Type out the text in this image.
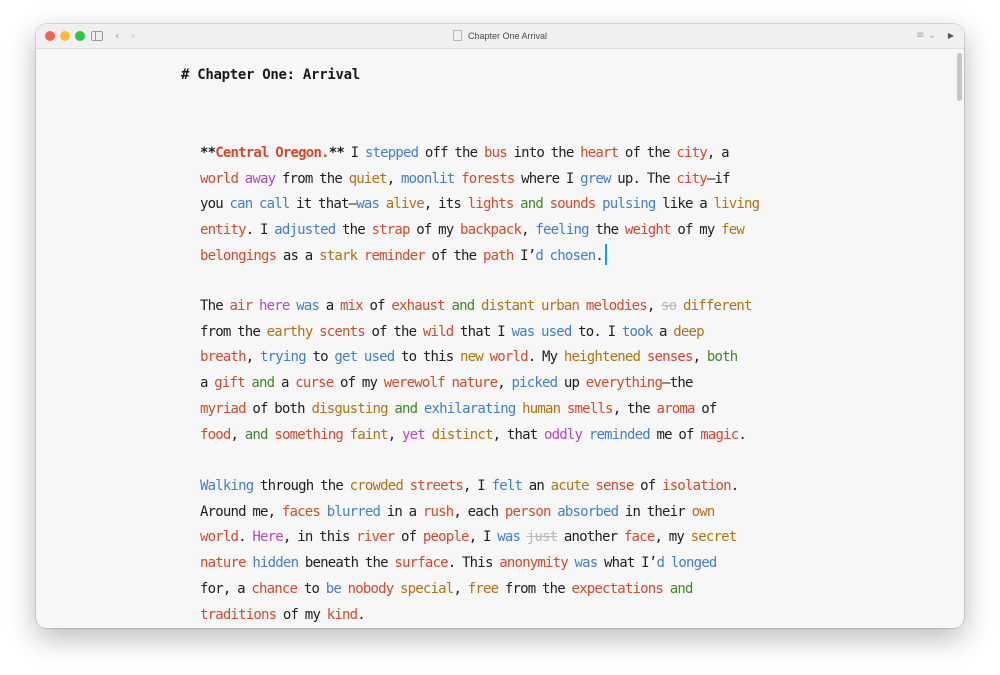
‹ ›	Chapter One Arrival	≡ ⌄ ▶
# Chapter One: Arrival
**Central Oregon.** I stepped off the bus into the heart of the city, a
world away from the quiet, moonlit forests where I grew up. The city—if
you can call it that—was alive, its lights and sounds pulsing like a living
entity. I adjusted the strap of my backpack, feeling the weight of my few
belongings as a stark reminder of the path I’d chosen.
The air here was a mix of exhaust and distant urban melodies, so different
from the earthy scents of the wild that I was used to. I took a deep
breath, trying to get used to this new world. My heightened senses, both
a gift and a curse of my werewolf nature, picked up everything—the
myriad of both disgusting and exhilarating human smells, the aroma of
food, and something faint, yet distinct, that oddly reminded me of magic.
Walking through the crowded streets, I felt an acute sense of isolation.
Around me, faces blurred in a rush, each person absorbed in their own
world. Here, in this river of people, I was just another face, my secret
nature hidden beneath the surface. This anonymity was what I’d longed
for, a chance to be nobody special, free from the expectations and
traditions of my kind.
